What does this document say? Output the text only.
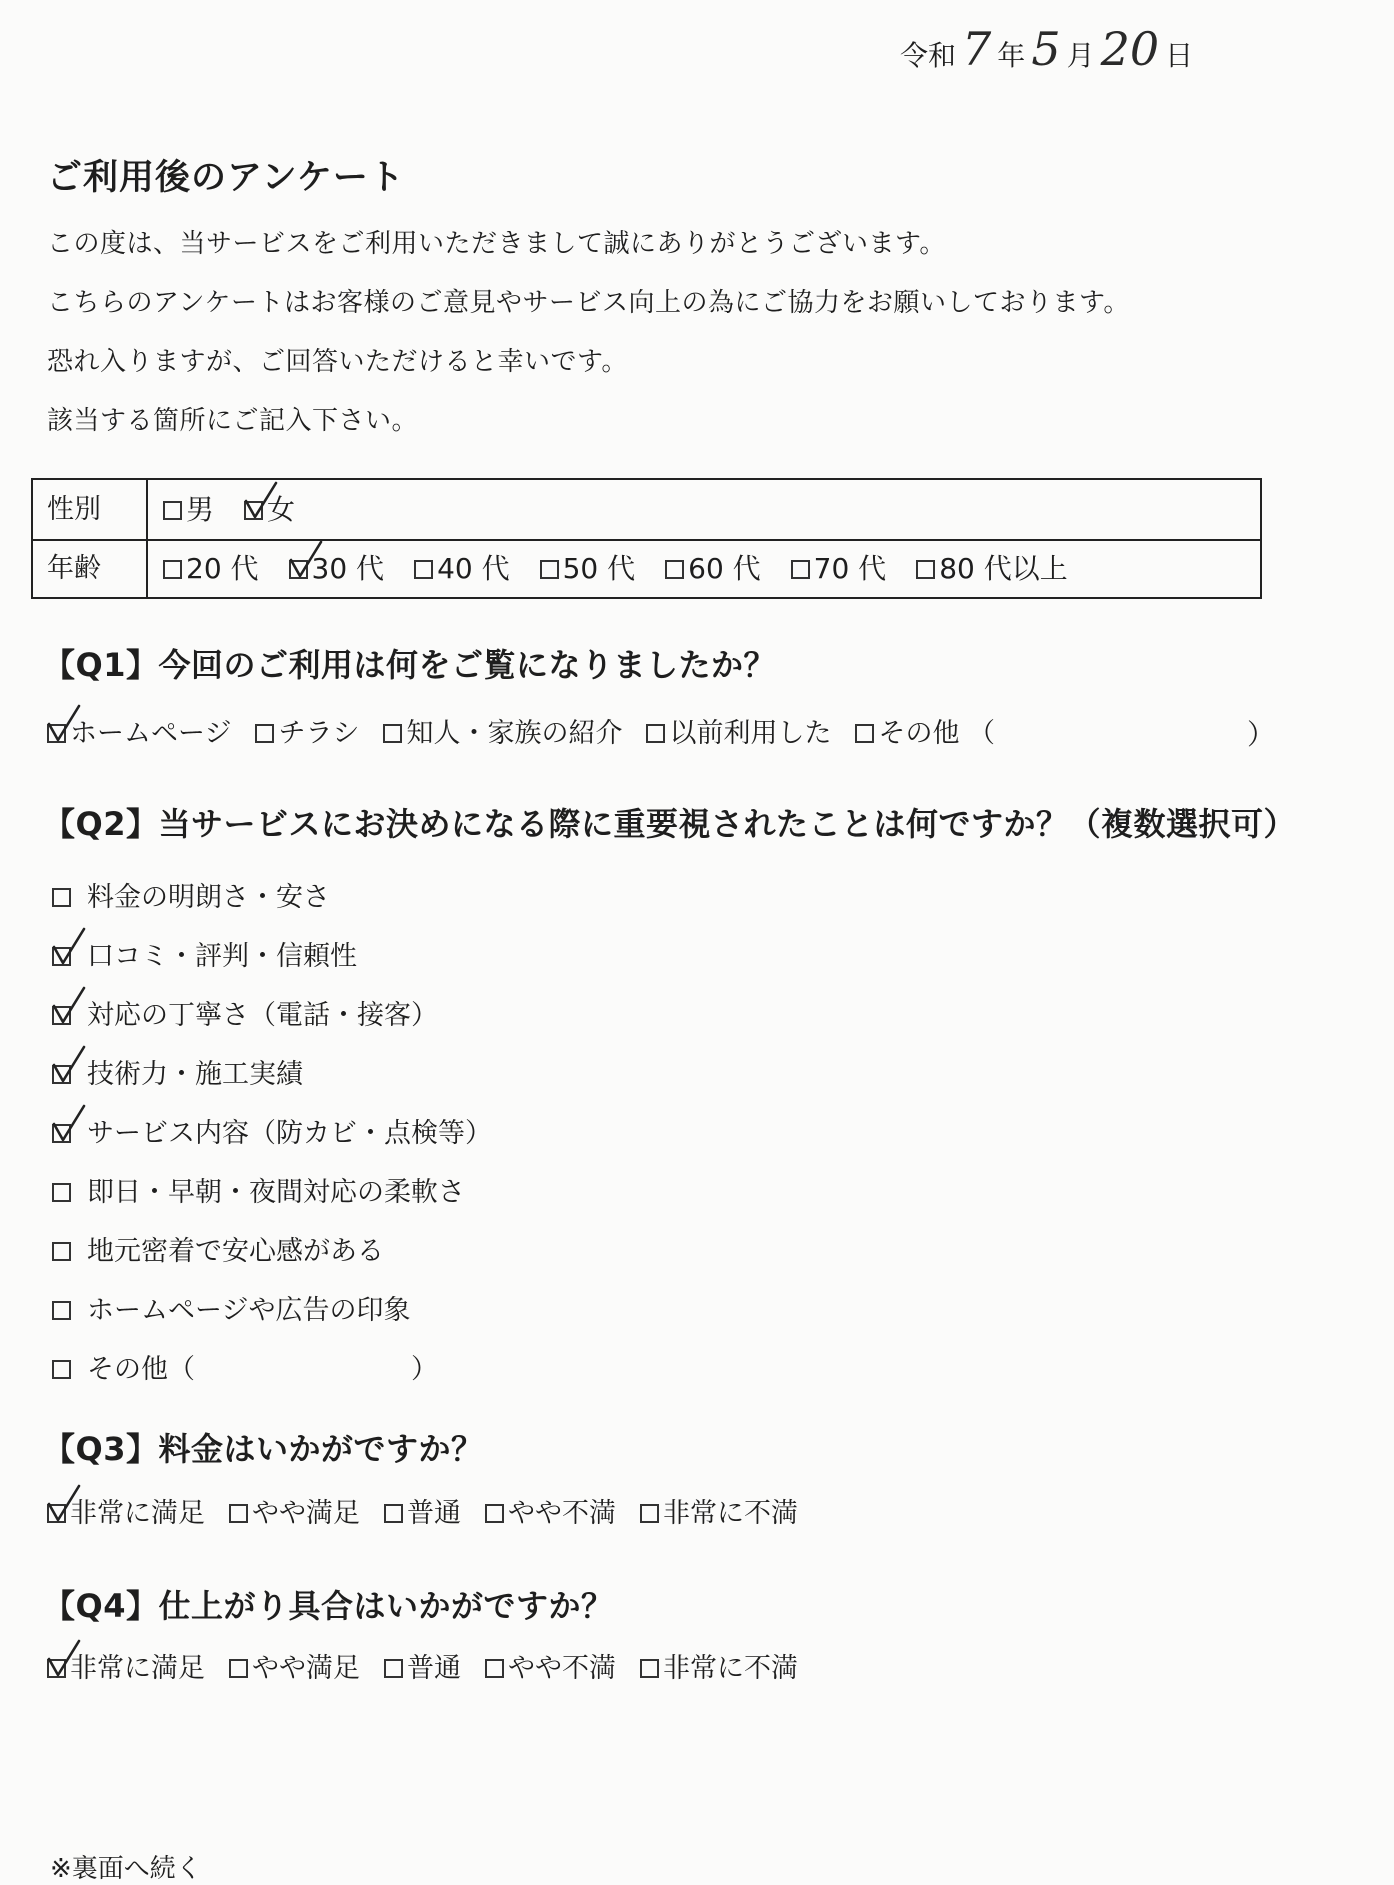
令和 7 年 5 月 20 日
ご利用後のアンケート
この度は、当サービスをご利用いただきまして誠にありがとうございます。
こちらのアンケートはお客様のご意見やサービス向上の為にご協力をお願いしております。
恐れ入りますが、ご回答いただけると幸いです。
該当する箇所にご記入下さい。
性別	男 女
年齢	20 代 30 代 40 代 50 代 60 代 70 代 80 代以上
【Q1】今回のご利用は何をご覧になりましたか？
ホームページ チラシ 知人・家族の紹介 以前利用した その他 （	）
【Q2】当サービスにお決めになる際に重要視されたことは何ですか？（複数選択可）
料金の明朗さ・安さ
口コミ・評判・信頼性
対応の丁寧さ（電話・接客）
技術力・施工実績
サービス内容（防カビ・点検等）
即日・早朝・夜間対応の柔軟さ
地元密着で安心感がある
ホームページや広告の印象
その他（　　　　　　　　）
【Q3】料金はいかがですか？
非常に満足 やや満足 普通 やや不満 非常に不満
【Q4】仕上がり具合はいかがですか？
非常に満足 やや満足 普通 やや不満 非常に不満
※裏面へ続く
